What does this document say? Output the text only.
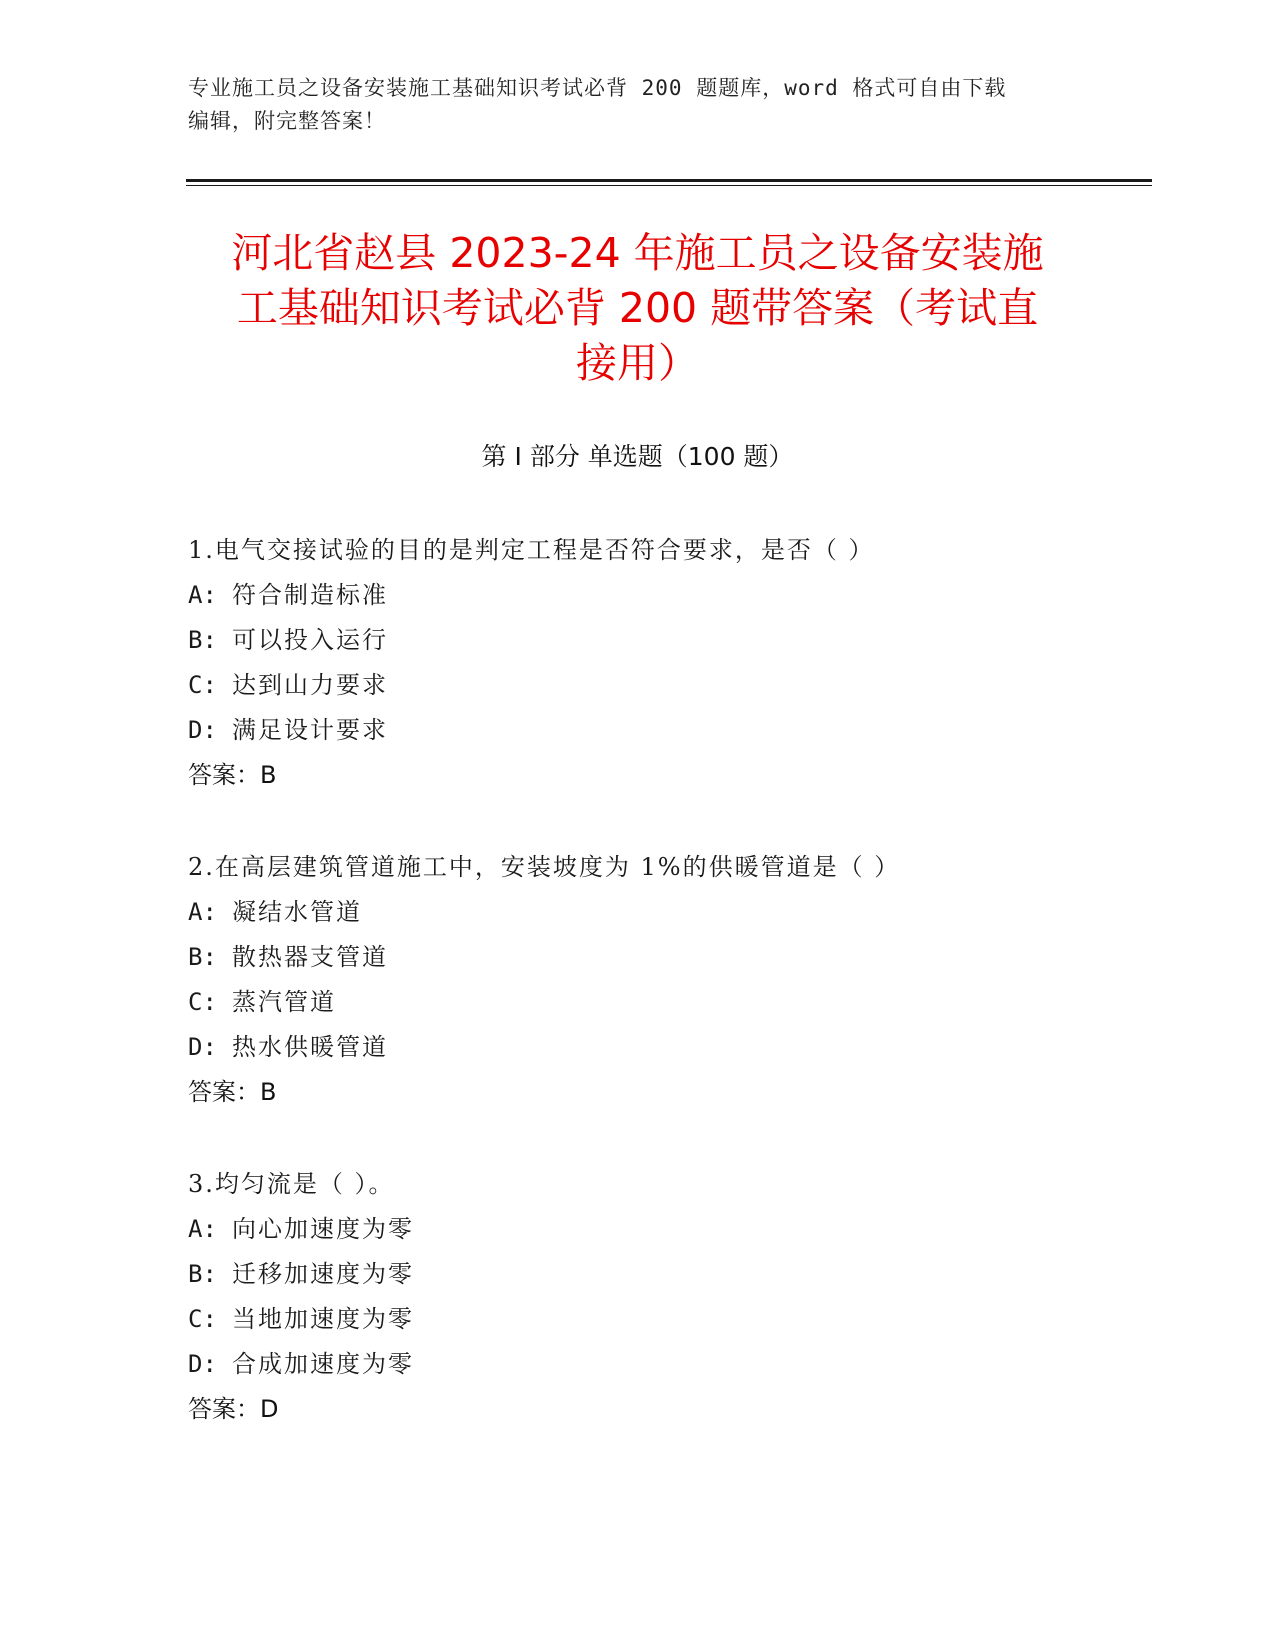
专业施工员之设备安装施工基础知识考试必背 200 题题库，word 格式可自由下载
编辑，附完整答案！
河北省赵县 2023-24 年施工员之设备安装施
工基础知识考试必背 200 题带答案（考试直
接用）
第 I 部分 单选题（100 题）
1.电气交接试验的目的是判定工程是否符合要求，是否（ ）
A: 符合制造标准
B: 可以投入运行
C: 达到山力要求
D: 满足设计要求
答案：B
2.在高层建筑管道施工中，安装坡度为 1%的供暖管道是（ ）
A: 凝结水管道
B: 散热器支管道
C: 蒸汽管道
D: 热水供暖管道
答案：B
3.均匀流是（ ）。
A: 向心加速度为零
B: 迁移加速度为零
C: 当地加速度为零
D: 合成加速度为零
答案：D
